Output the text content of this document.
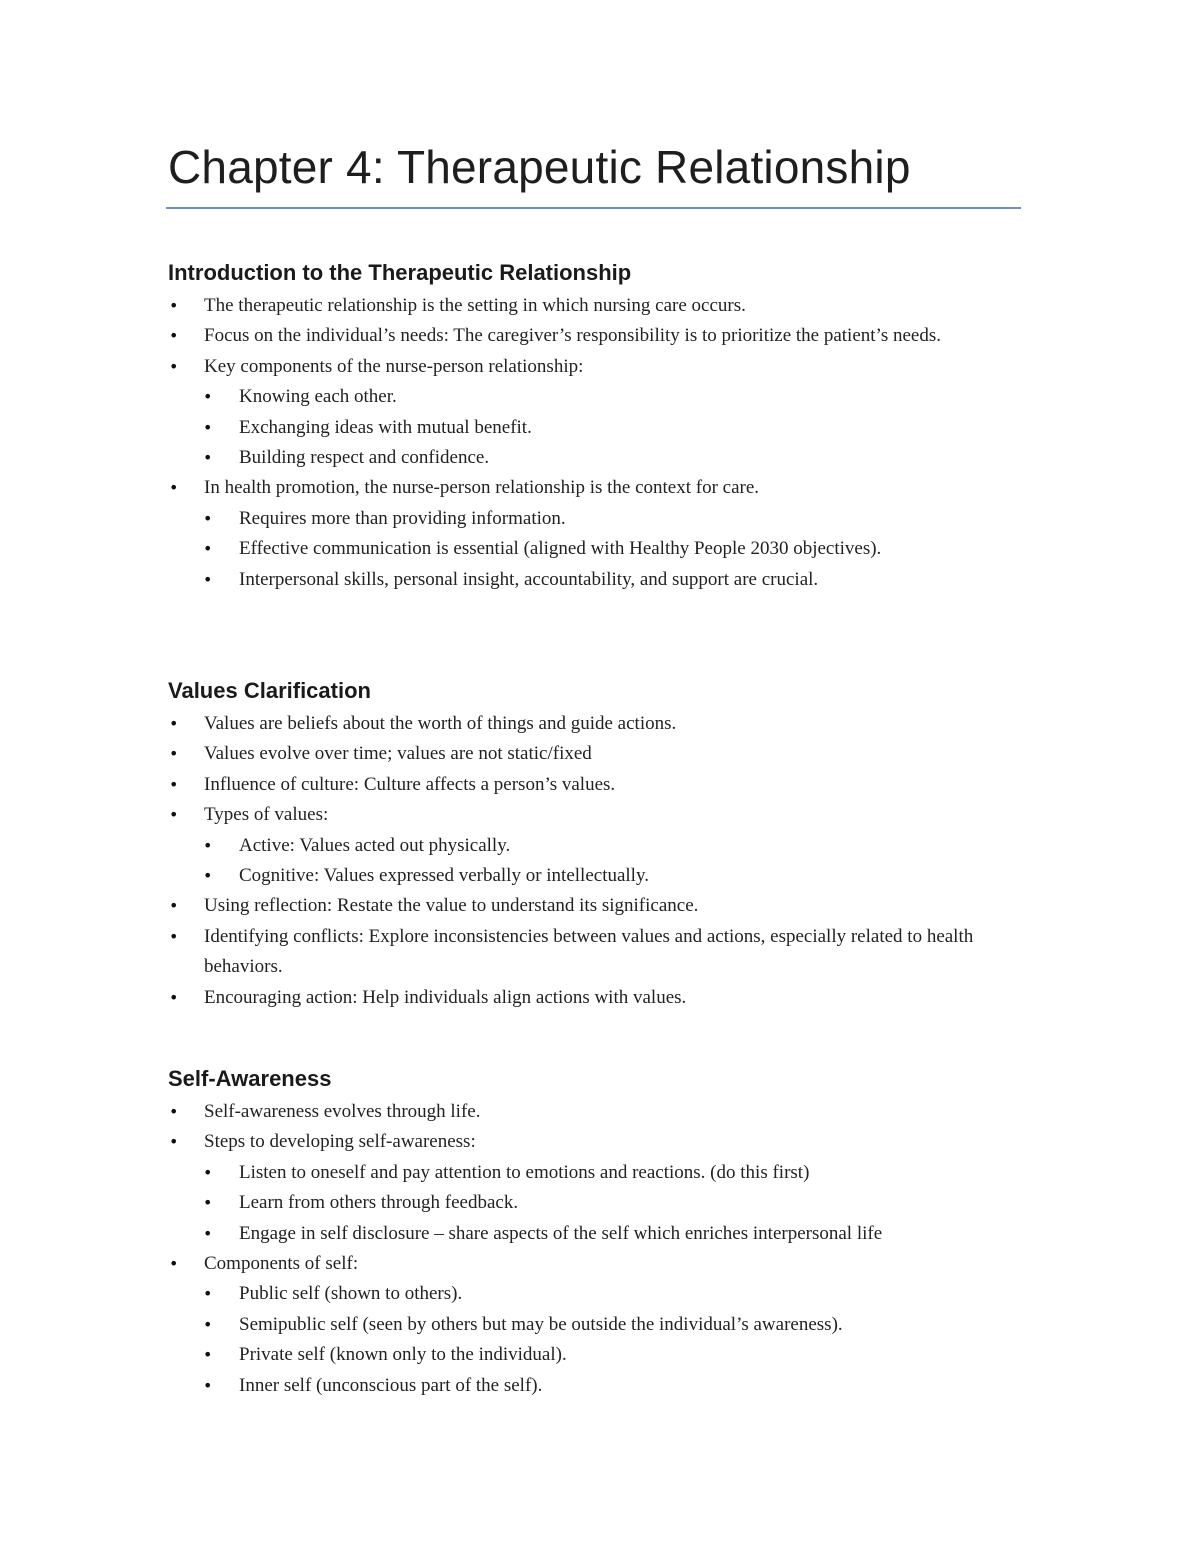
Chapter 4: Therapeutic Relationship
Introduction to the Therapeutic Relationship
• The therapeutic relationship is the setting in which nursing care occurs.
• Focus on the individual’s needs: The caregiver’s responsibility is to prioritize the patient’s needs.
• Key components of the nurse-person relationship:
• Knowing each other.
• Exchanging ideas with mutual benefit.
• Building respect and confidence.
• In health promotion, the nurse-person relationship is the context for care.
• Requires more than providing information.
• Effective communication is essential (aligned with Healthy People 2030 objectives).
• Interpersonal skills, personal insight, accountability, and support are crucial.
Values Clarification
• Values are beliefs about the worth of things and guide actions.
• Values evolve over time; values are not static/fixed
• Influence of culture: Culture affects a person’s values.
• Types of values:
• Active: Values acted out physically.
• Cognitive: Values expressed verbally or intellectually.
• Using reflection: Restate the value to understand its significance.
• Identifying conflicts: Explore inconsistencies between values and actions, especially related to health behaviors.
• Encouraging action: Help individuals align actions with values.
Self-Awareness
• Self-awareness evolves through life.
• Steps to developing self-awareness:
• Listen to oneself and pay attention to emotions and reactions. (do this first)
• Learn from others through feedback.
• Engage in self disclosure – share aspects of the self which enriches interpersonal life
• Components of self:
• Public self (shown to others).
• Semipublic self (seen by others but may be outside the individual’s awareness).
• Private self (known only to the individual).
• Inner self (unconscious part of the self).
